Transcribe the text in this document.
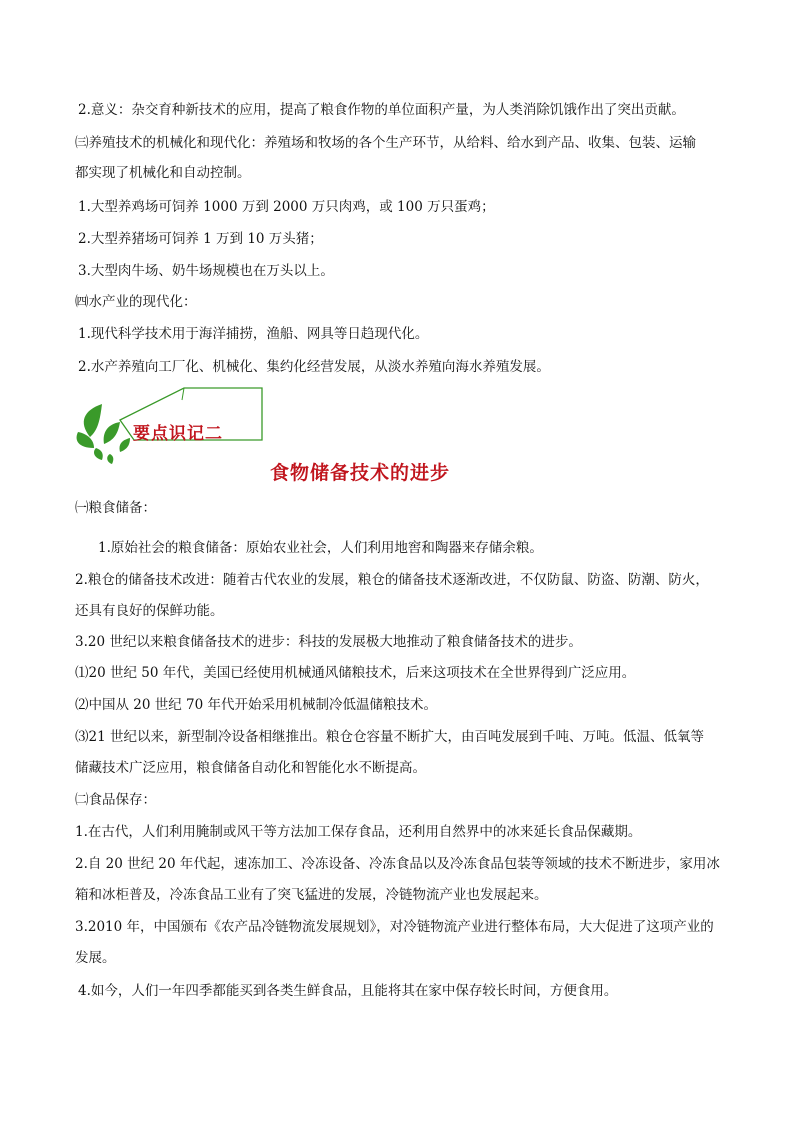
2.意义：杂交育种新技术的应用，提高了粮食作物的单位面积产量，为人类消除饥饿作出了突出贡献。
㈢养殖技术的机械化和现代化：养殖场和牧场的各个生产环节，从给料、给水到产品、收集、包装、运输
都实现了机械化和自动控制。
1.大型养鸡场可饲养 1000 万到 2000 万只肉鸡，或 100 万只蛋鸡；
2.大型养猪场可饲养 1 万到 10 万头猪；
3.大型肉牛场、奶牛场规模也在万头以上。
㈣水产业的现代化：
1.现代科学技术用于海洋捕捞，渔船、网具等日趋现代化。
2.水产养殖向工厂化、机械化、集约化经营发展，从淡水养殖向海水养殖发展。
要点识记二
食物储备技术的进步
㈠粮食储备：
1.原始社会的粮食储备：原始农业社会，人们利用地窖和陶器来存储余粮。
2.粮仓的储备技术改进：随着古代农业的发展，粮仓的储备技术逐渐改进，不仅防鼠、防盗、防潮、防火，
还具有良好的保鲜功能。
3.20 世纪以来粮食储备技术的进步：科技的发展极大地推动了粮食储备技术的进步。
⑴20 世纪 50 年代，美国已经使用机械通风储粮技术，后来这项技术在全世界得到广泛应用。
⑵中国从 20 世纪 70 年代开始采用机械制冷低温储粮技术。
⑶21 世纪以来，新型制冷设备相继推出。粮仓仓容量不断扩大，由百吨发展到千吨、万吨。低温、低氧等
储藏技术广泛应用，粮食储备自动化和智能化水不断提高。
㈡食品保存：
1.在古代，人们利用腌制或风干等方法加工保存食品，还利用自然界中的冰来延长食品保藏期。
2.自 20 世纪 20 年代起，速冻加工、冷冻设备、冷冻食品以及冷冻食品包装等领域的技术不断进步，家用冰
箱和冰柜普及，冷冻食品工业有了突飞猛进的发展，冷链物流产业也发展起来。
3.2010 年，中国颁布《农产品冷链物流发展规划》，对冷链物流产业进行整体布局，大大促进了这项产业的
发展。
4.如今，人们一年四季都能买到各类生鲜食品，且能将其在家中保存较长时间，方便食用。
